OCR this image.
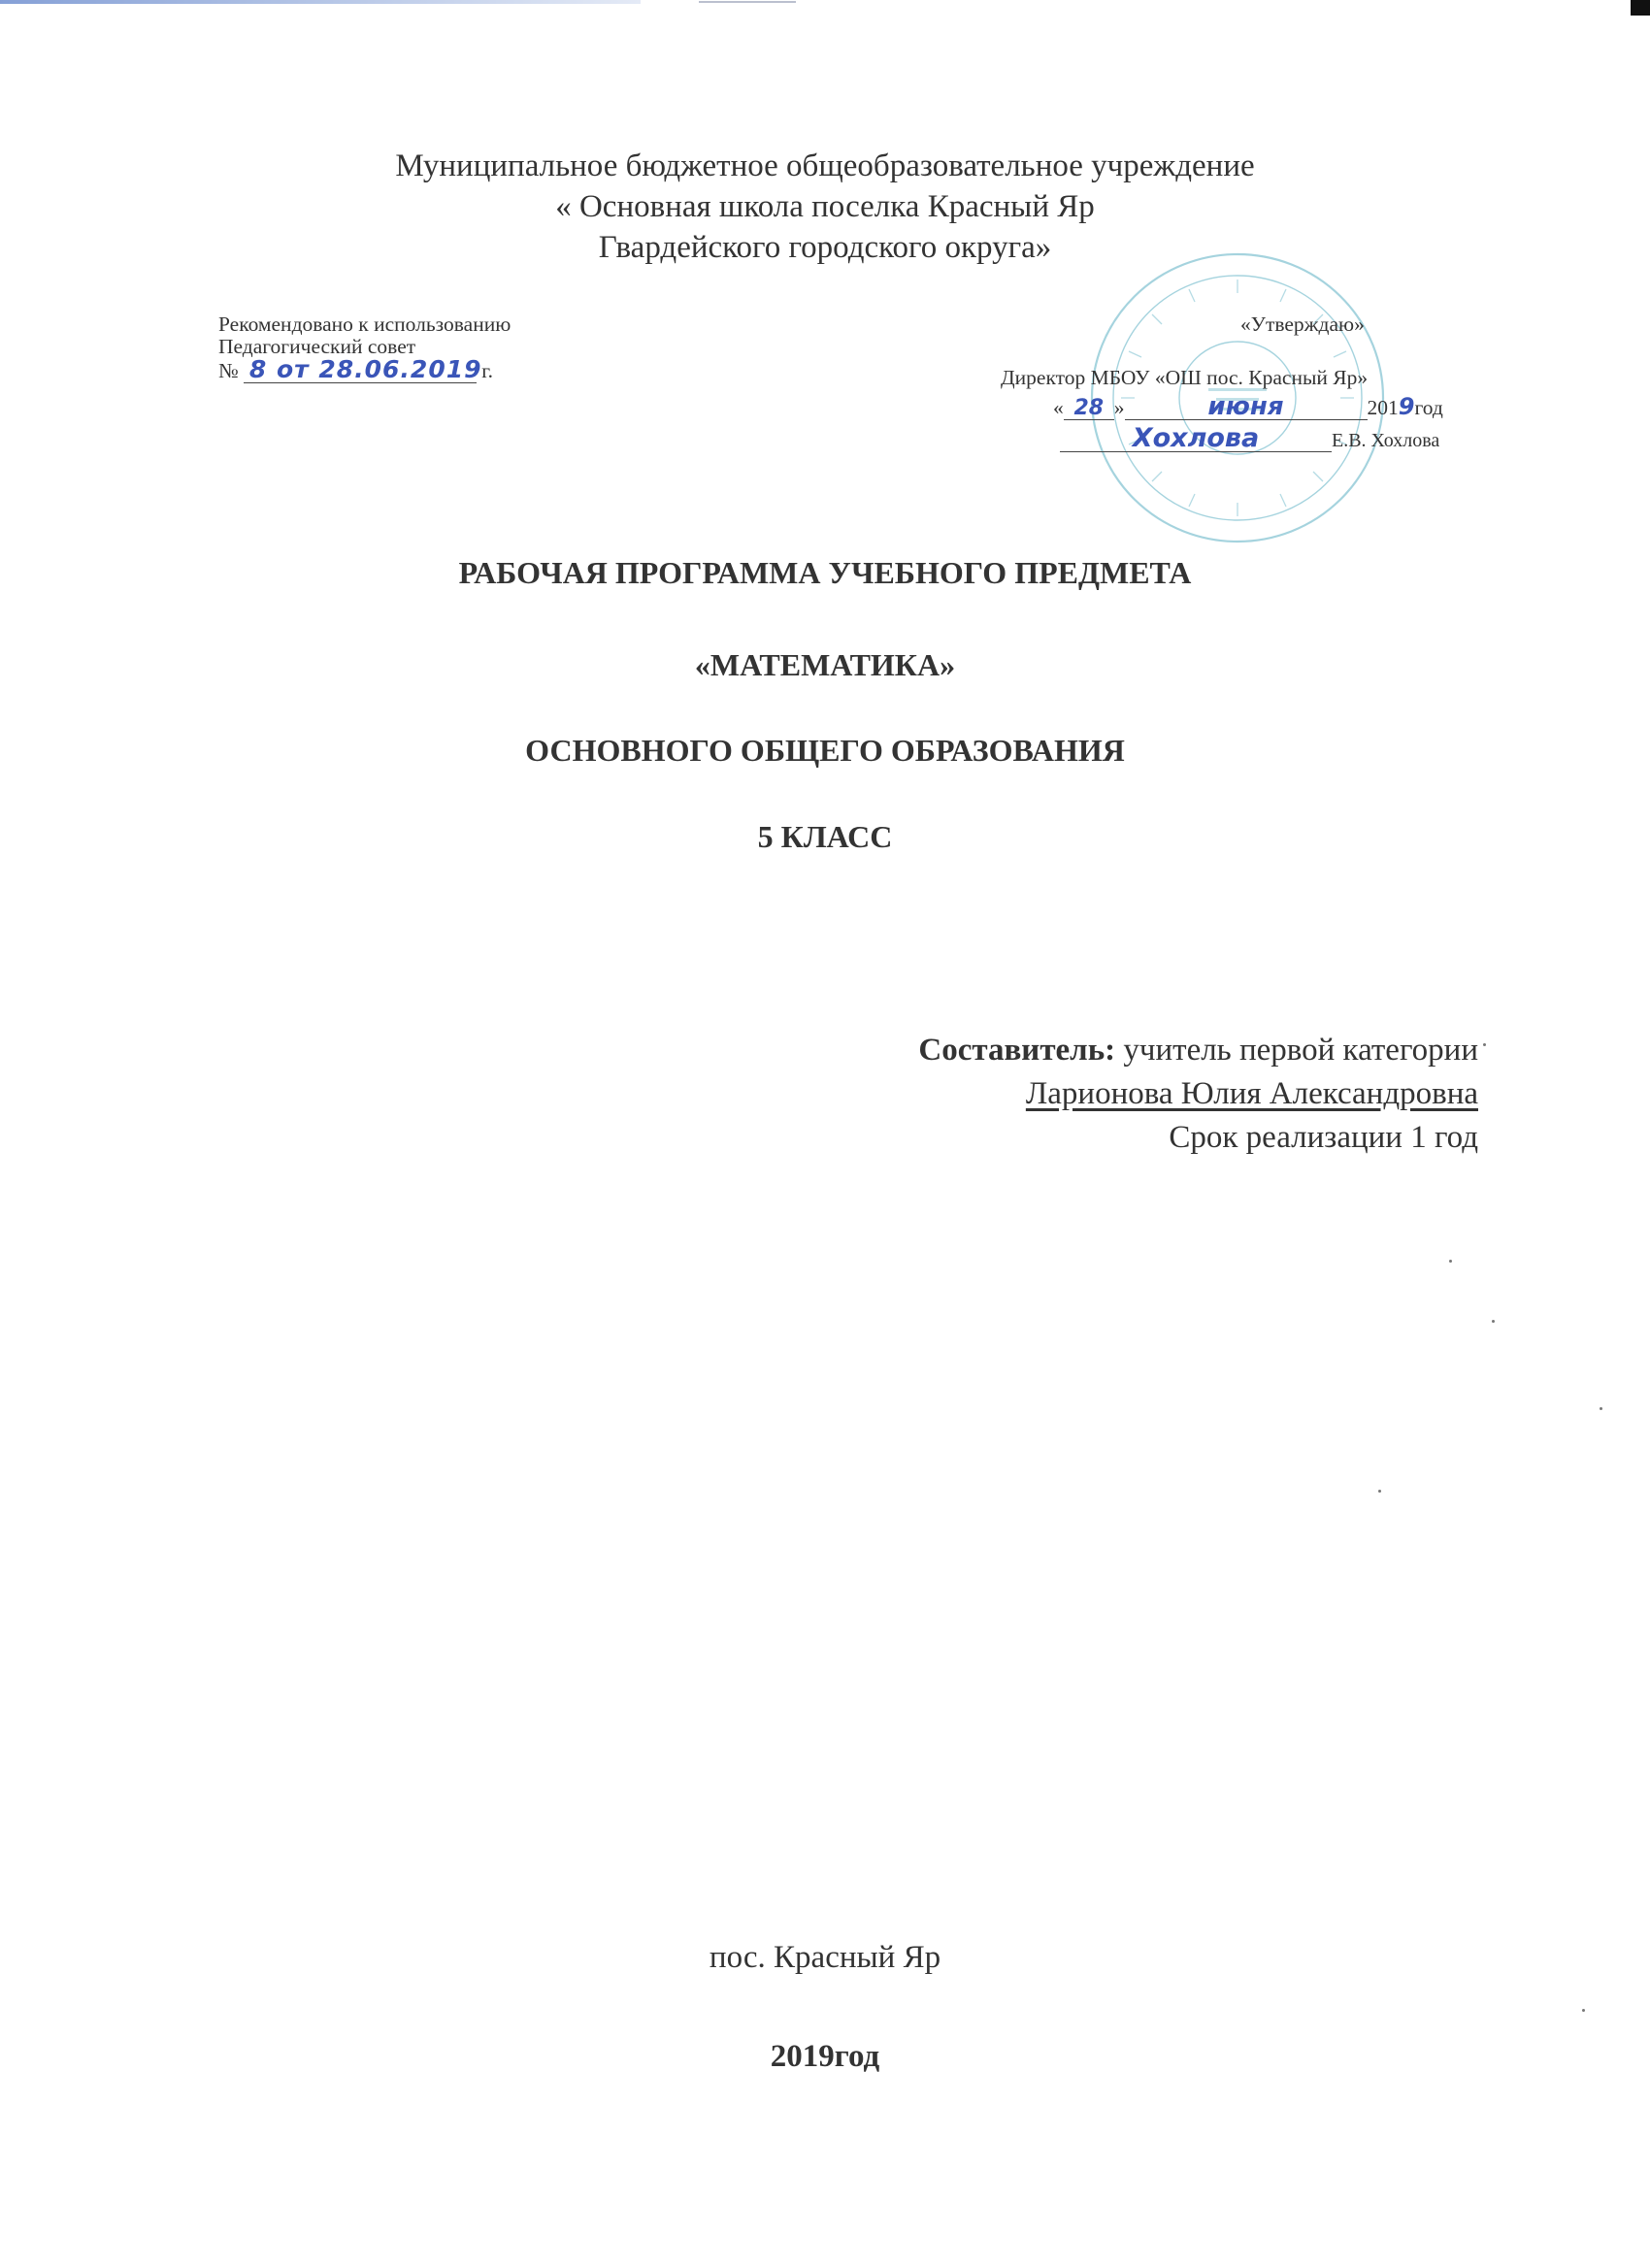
Муниципальное бюджетное общеобразовательное учреждение
« Основная школа поселка Красный Яр
Гвардейского городского округа»
Рекомендовано к использованию
Педагогический совет
№ 8 от 28.06.2019 г.
«Утверждаю»
Директор МБОУ «ОШ пос. Красный Яр»
« 28 »	июня	2019год
Хохлова	Е.В. Хохлова
РАБОЧАЯ ПРОГРАММА УЧЕБНОГО ПРЕДМЕТА
«МАТЕМАТИКА»
ОСНОВНОГО ОБЩЕГО ОБРАЗОВАНИЯ
5 КЛАСС
Составитель: учитель первой категории
Ларионова Юлия Александровна
Срок реализации 1 год
пос. Красный Яр
2019год
